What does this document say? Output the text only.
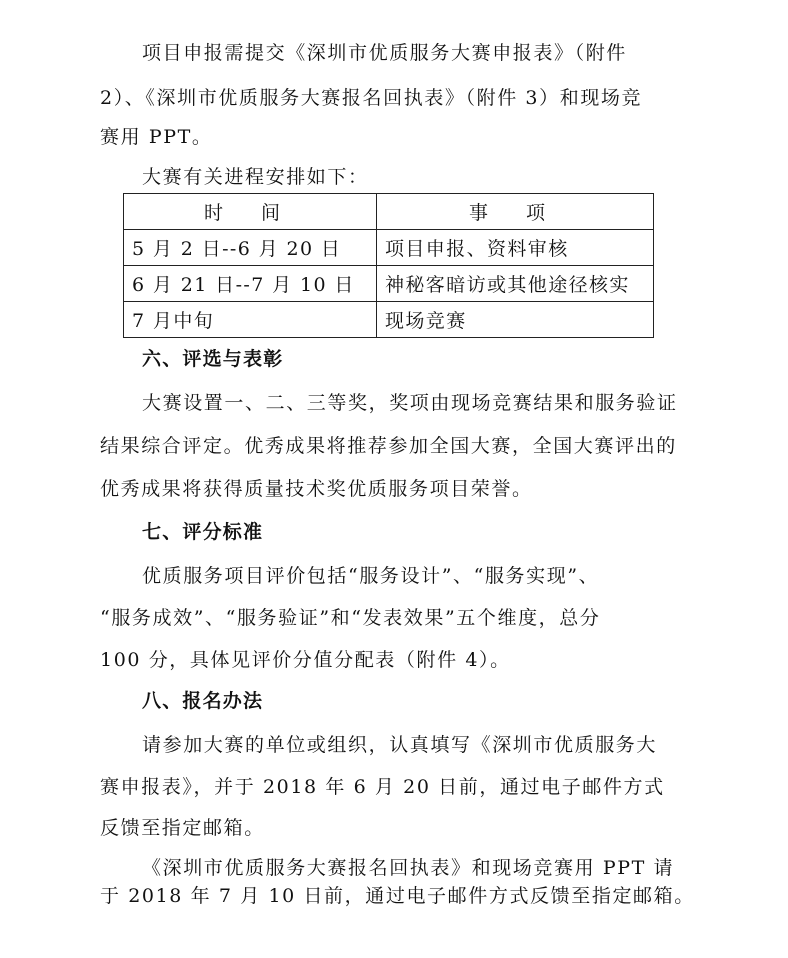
项目申报需提交《深圳市优质服务大赛申报表》（附件
2）、《深圳市优质服务大赛报名回执表》（附件 3）和现场竞
赛用 PPT。
大赛有关进程安排如下：
时 间	事 项
5 月 2 日--6 月 20 日	项目申报、资料审核
6 月 21 日--7 月 10 日	神秘客暗访或其他途径核实
7 月中旬	现场竞赛
六、评选与表彰
大赛设置一、二、三等奖，奖项由现场竞赛结果和服务验证
结果综合评定。优秀成果将推荐参加全国大赛，全国大赛评出的
优秀成果将获得质量技术奖优质服务项目荣誉。
七、评分标准
优质服务项目评价包括“服务设计”、“服务实现”、
“服务成效”、“服务验证”和“发表效果”五个维度，总分
100 分，具体见评价分值分配表（附件 4）。
八、报名办法
请参加大赛的单位或组织，认真填写《深圳市优质服务大
赛申报表》，并于 2018 年 6 月 20 日前，通过电子邮件方式
反馈至指定邮箱。
《深圳市优质服务大赛报名回执表》和现场竞赛用 PPT 请
于 2018 年 7 月 10 日前，通过电子邮件方式反馈至指定邮箱。
